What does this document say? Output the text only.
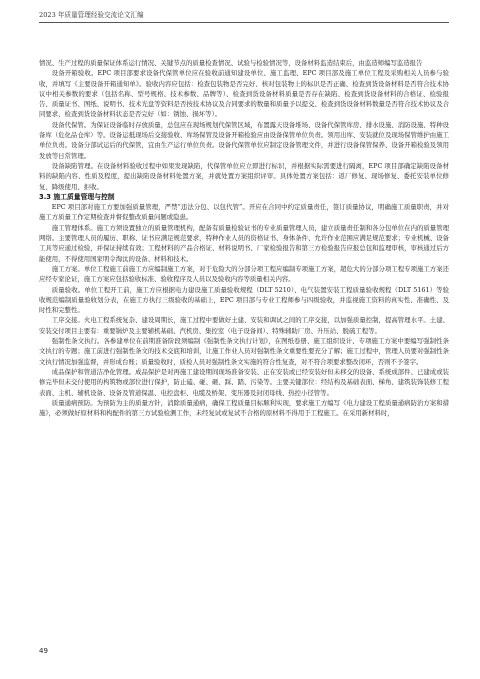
2023 年质量管理经验交流论文汇编

情况、生产过程的质量保证体系运行情况、关键节点的质量检查情况、试验与检验情况等，设备材料监造结束后，由监造师编写监造报告

设备开箱验收。EPC 项目部要求设备代保管单位应在验收前通知建设单位、施工监理、EPC 项目部及施工单位工程及采购相关人员参与验收，并填写《主要设备开箱通知单》。验收内容应包括：检查包装物是否完好、核对包装物上的标识是否正确、检查到货设备材料是否符合技术协议中相关参数的要求（包括名称、型号规格、技术参数、品牌等）、检查到货设备材料质量是否存在缺陷、检查到货设备材料的合格证、检验报告、质量证书、图纸、说明书、技术光盘等资料是否按技术协议及合同要求的数量和质量予以提交、检查到货设备材料数量是否符合技术协议及合同要求、检查到货设备材料状态是否完好（如：锈蚀、损坏等）。

设备代保管。为保证设备临时存放质量，总包应在现场规划代保管区域，布置露天设备堆场、设备代保管库房、排水设施、消防设施、特种设备库（危化品仓库）等。设备运抵现场后交接验收、库场保管及设备开箱检验应由设备保管单位负责。领用出库、安装就位及现场保管维护由施工单位负责。设备分部试运后的代保管，宜由生产运行单位负责。设备代保管单位应制定设备管理文件，并进行设备保管保养、设备开箱检验及领用发放等日常管理。

设备缺陷管理。在设备材料验收过程中如果发现缺陷，代保管单位应立即进行标识，并根据实际需要进行隔离，EPC 项目部确定缺陷设备材料的缺陷内容、性质及程度，提出缺陷设备材料处置方案，并就处置方案组织评审。具体处置方案包括：返厂修复、现场修复、委托安装单位修复、降级使用、拒收。

3.3 施工质量管理与控制

EPC 项目部对施工方要加强质量管理，严禁“违法分包、以包代管”。开应在合同中约定质量责任，签订质量协议，明确施工质量职责，并对施工方质量工作定期检查并督促整改质量问题或隐患。

施工管理体系。施工方须设置独立的质量管理机构，配备有质量检验证书的专业质量管理人员，建立质量责任制和各分包单位在内的质量管理网络。主要管理人员的履历、职称、证书应满足规范要求，特种作业人员的资格证书、身体条件、允许作业范围应满足规范要求；专业机械、设备工具等应通过检验，并保证持续有效；工程材料的产品合格证、材料说明书、厂家检验报告和第三方检验报告应报总包和监理审核，审核通过后方能使用，不得使用国家明令淘汰的设备、材料和技术。

施工方案。单位工程施工前施工方应编制施工方案，对于危险大的分部分项工程应编制专项施工方案，超危大的分部分项工程专项施工方案还应经专家论证，施工方案应包括验收标准、验收程序及人员以及验收内容等质量相关内容。

质量验收。单位工程开工前，施工方应根据电力建设施工质量验收规程（DLT 5210）、电气装置安装工程质量验收规程（DLT 5161）等验收规范编制质量验收划分表，在施工方执行三级验收的基础上，EPC 项目部与专业工程师参与四级验收，并监视施工资料的真实性、准确性、及时性和完整性。

工序交接。火电工程系统复杂、建设周期长，施工过程中要做好土建、安装和调试之间的工序交接，以加强质量控制，提高管理水平。土建、安装交付项目主要有：重要锅炉及主要辅机基础、汽机房、集控室（电子设备间）、特殊辅助厂房、升压站、脱硫工程等。

强制性条文执行。各参建单位在前期准备阶段须编制《强制性条文执行计划》，在图纸卷册、施工组织设计、专项施工方案中要编写强制性条文执行的专题；施工前进行强制性条文的技术交底和培训，让施工作业人员对强制性条文重要性要充分了解；施工过程中，管理人员要对强制性条文执行情况加强监督，并形成台账；质量验收时，质检人员对强制性条文实施的符合性复查，对不符合项要求整改闭环，否则不予签字。

成品保护和管道洁净化管理。成品保护是对再施工建设期间现场准备安装、正在安装或已经安装好但未移交的设备、系统成部件、已建成或装修完毕但未交付使用的构筑物或部位进行保护，防止磕、碰、砸、踩、踏、污染等。主要关键部位：经结构及基础表面、梯角、建筑装饰装修工程表面、主机、辅机设备、设备及管道保温、电控盘柜、电缆及桥架、变压器及封闭母线、热控小径管等。

质量通病预防。为预防为主的质量方针，消除质量通病，确保工程质量目标顺利实现，要求施工方编写《电力建设工程质量通病防治方案和措施》，必须做好原材料和构配件的第三方试验检测工作，未经复试或复试不合格的原材料不得用于工程施工。在采用新材料时，

49
